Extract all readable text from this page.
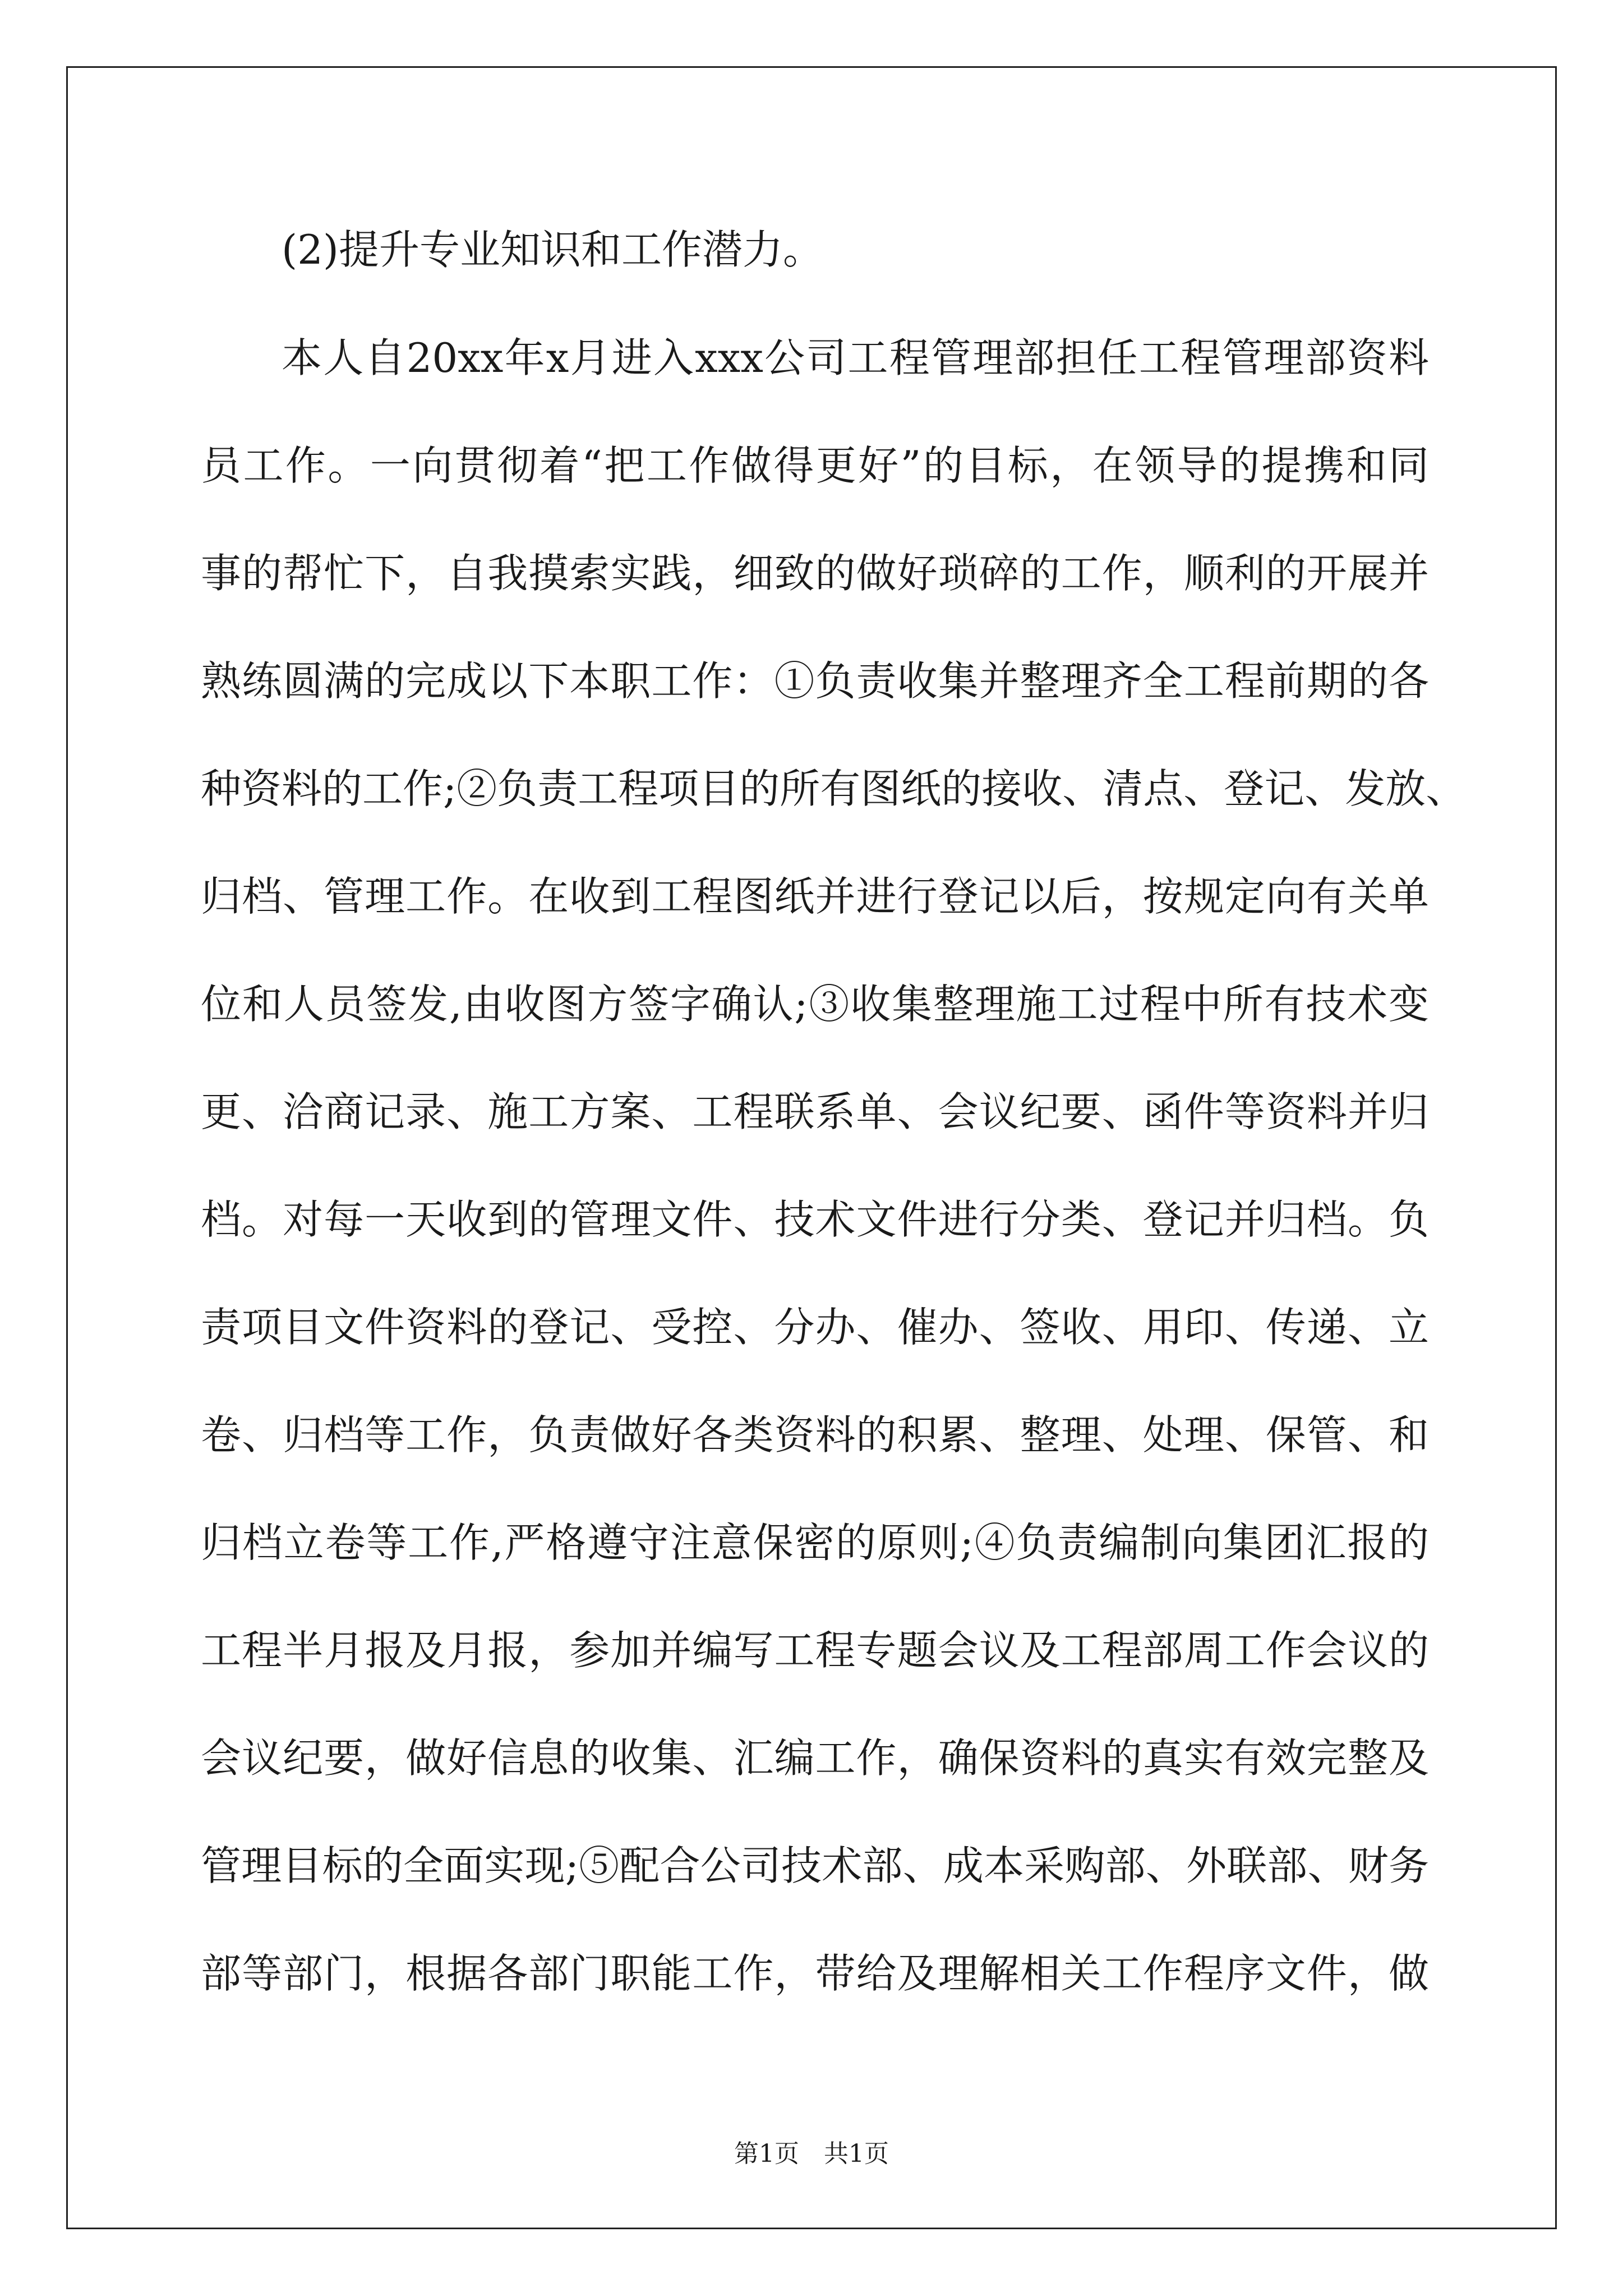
(2)提升专业知识和工作潜力。
本人自20xx年x月进入xxx公司工程管理部担任工程管理部资料
员工作。一向贯彻着“把工作做得更好”的目标，在领导的提携和同
事的帮忙下，自我摸索实践，细致的做好琐碎的工作，顺利的开展并
熟练圆满的完成以下本职工作：①负责收集并整理齐全工程前期的各
种资料的工作;②负责工程项目的所有图纸的接收、清点、登记、发放、
归档、管理工作。在收到工程图纸并进行登记以后，按规定向有关单
位和人员签发,由收图方签字确认;③收集整理施工过程中所有技术变
更、洽商记录、施工方案、工程联系单、会议纪要、函件等资料并归
档。对每一天收到的管理文件、技术文件进行分类、登记并归档。负
责项目文件资料的登记、受控、分办、催办、签收、用印、传递、立
卷、归档等工作，负责做好各类资料的积累、整理、处理、保管、和
归档立卷等工作,严格遵守注意保密的原则;④负责编制向集团汇报的
工程半月报及月报，参加并编写工程专题会议及工程部周工作会议的
会议纪要，做好信息的收集、汇编工作，确保资料的真实有效完整及
管理目标的全面实现;⑤配合公司技术部、成本采购部、外联部、财务
部等部门，根据各部门职能工作，带给及理解相关工作程序文件，做
第1页　共1页
